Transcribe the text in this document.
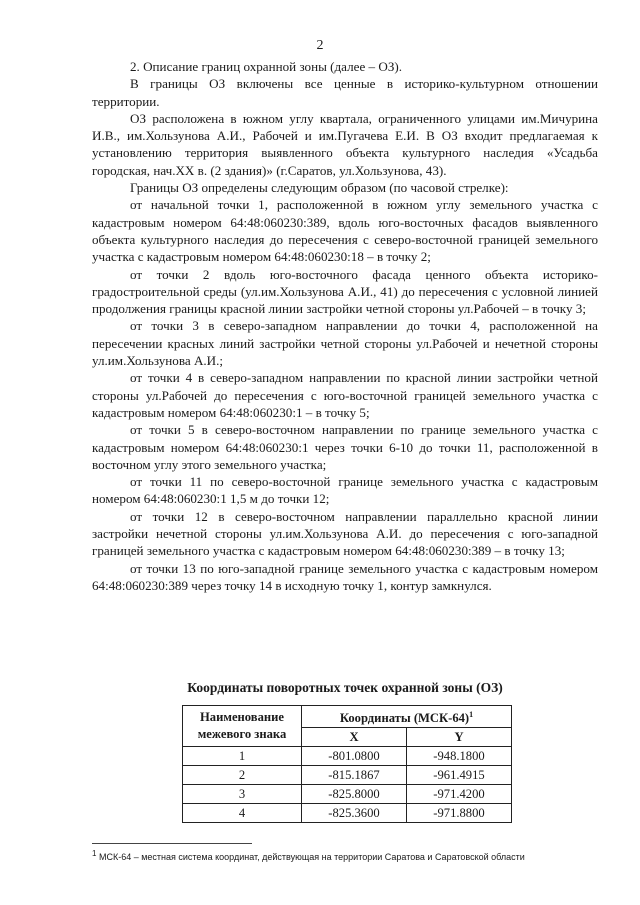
2

2. Описание границ охранной зоны (далее – ОЗ).

В границы ОЗ включены все ценные в историко-культурном отношении территории.

ОЗ расположена в южном углу квартала, ограниченного улицами им.Мичурина И.В., им.Хользунова А.И., Рабочей и им.Пугачева Е.И. В ОЗ входит предлагаемая к установлению территория выявленного объекта культурного наследия «Усадьба городская, нач.XX в. (2 здания)» (г.Саратов, ул.Хользунова, 43).

Границы ОЗ определены следующим образом (по часовой стрелке):

от начальной точки 1, расположенной в южном углу земельного участка с кадастровым номером 64:48:060230:389, вдоль юго-восточных фасадов выявленного объекта культурного наследия до пересечения с северо-восточной границей земельного участка с кадастровым номером 64:48:060230:18 – в точку 2;

от точки 2 вдоль юго-восточного фасада ценного объекта историко-градостроительной среды (ул.им.Хользунова А.И., 41) до пересечения с условной линией продолжения границы красной линии застройки четной стороны ул.Рабочей – в точку 3;

от точки 3 в северо-западном направлении до точки 4, расположенной на пересечении красных линий застройки четной стороны ул.Рабочей и нечетной стороны ул.им.Хользунова А.И.;

от точки 4 в северо-западном направлении по красной линии застройки четной стороны ул.Рабочей до пересечения с юго-восточной границей земельного участка с кадастровым номером 64:48:060230:1 – в точку 5;

от точки 5 в северо-восточном направлении по границе земельного участка с кадастровым номером 64:48:060230:1 через точки 6-10 до точки 11, расположенной в восточном углу этого земельного участка;

от точки 11 по северо-восточной границе земельного участка с кадастровым номером 64:48:060230:1 1,5 м до точки 12;

от точки 12 в северо-восточном направлении параллельно красной линии застройки нечетной стороны ул.им.Хользунова А.И. до пересечения с юго-западной границей земельного участка с кадастровым номером 64:48:060230:389 – в точку 13;

от точки 13 по юго-западной границе земельного участка с кадастровым номером 64:48:060230:389 через точку 14 в исходную точку 1, контур замкнулся.

Координаты поворотных точек охранной зоны (ОЗ)
Наименование межевого знака	Координаты $(МСК-64)^1$
	X	Y
1	-801.0800	-948.1800
2	-815.1867	-961.4915
3	-825.8000	-971.4200
4	-825.3600	-971.8800
$^1$ МСК-64 – местная система координат, действующая на территории Саратова и Саратовской области
